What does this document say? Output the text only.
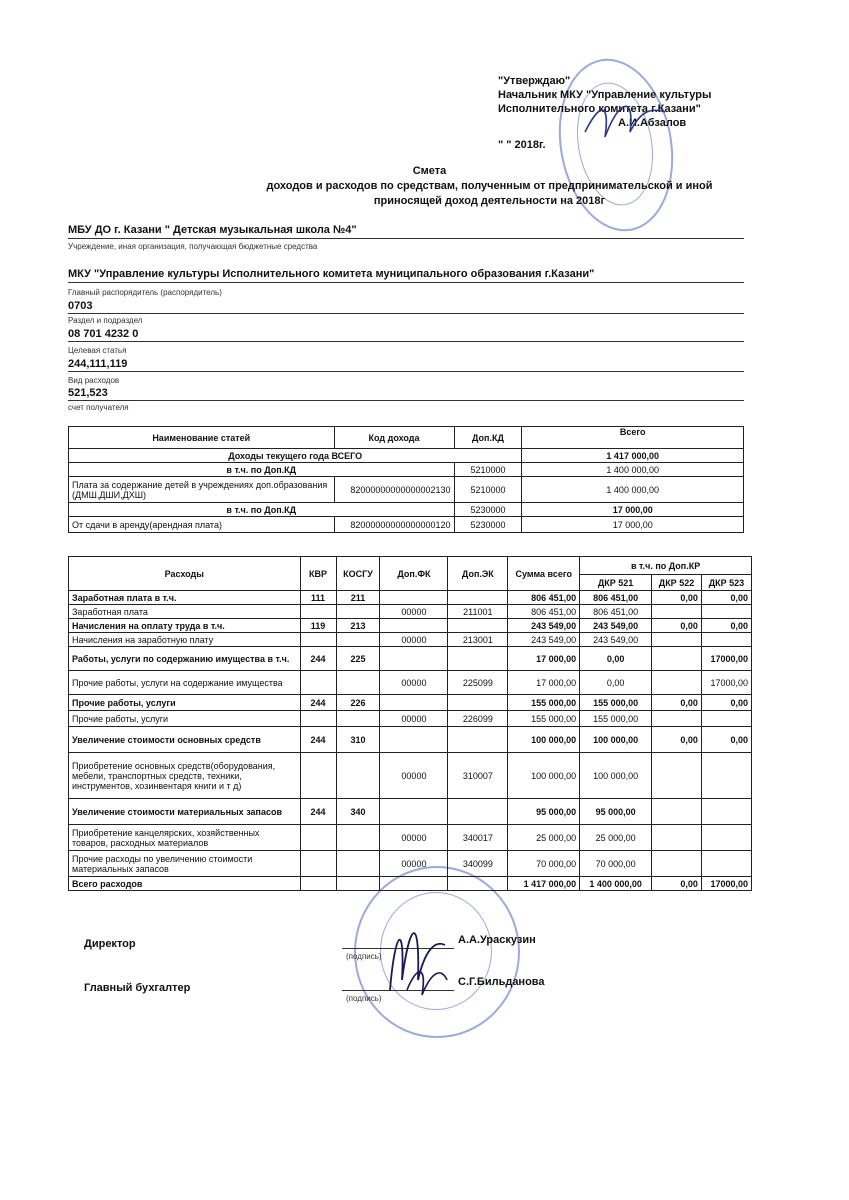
"Утверждаю"
Начальник МКУ "Управление культуры
Исполнительного комитета г.Казани"
А.И.Абзалов
" " 2018г.
Смета
доходов и расходов по средствам, полученным от предпринимательской и иной
приносящей доход деятельности на 2018г
МБУ ДО г. Казани " Детская музыкальная школа №4"
Учреждение, иная организация, получающая бюджетные средства
МКУ "Управление культуры Исполнительного комитета муниципального образования г.Казани"
Главный распорядитель (распорядитель)
0703
Раздел и подраздел
08 701 4232 0
Целевая статья
244,111,119
Вид расходов
521,523
счет получателя
Наименование статей	Код дохода	Доп.КД	Всего
Доходы текущего года ВСЕГО			1 417 000,00
в т.ч. по Доп.КД		5210000	1 400 000,00
Плата за содержание детей в учреждениях доп.образования (ДМШ,ДШИ,ДХШ)	82000000000000002130	5210000	1 400 000,00
в т.ч. по Доп.КД		5230000	17 000,00
От сдачи в аренду(арендная плата)	82000000000000000120	5230000	17 000,00
Расходы	КВР	КОСГУ	Доп.ФК	Доп.ЭК	Сумма всего	в т.ч. по Доп.КР		
						ДКР 521	ДКР 522	ДКР 523
Заработная плата в т.ч.	111	211			806 451,00	806 451,00	0,00	0,00
Заработная плата			00000	211001	806 451,00	806 451,00		
Начисления на оплату труда в т.ч.	119	213			243 549,00	243 549,00	0,00	0,00
Начисления на заработную плату			00000	213001	243 549,00	243 549,00		
Работы, услуги по содержанию имущества в т.ч.	244	225			17 000,00	0,00		17000,00
Прочие работы, услуги на содержание имущества			00000	225099	17 000,00	0,00		17000,00
Прочие работы, услуги	244	226			155 000,00	155 000,00	0,00	0,00
Прочие работы, услуги			00000	226099	155 000,00	155 000,00		
Увеличение стоимости основных средств	244	310			100 000,00	100 000,00	0,00	0,00
Приобретение основных средств(оборудования, мебели, транспортных средств, техники, инструментов, хозинвентаря книги и т д)			00000	310007	100 000,00	100 000,00		
Увеличение стоимости материальных запасов	244	340			95 000,00	95 000,00		
Приобретение канцелярских, хозяйственных товаров, расходных материалов			00000	340017	25 000,00	25 000,00		
Прочие расходы по увеличению стоимости материальных запасов			00000	340099	70 000,00	70 000,00		
Всего расходов					1 417 000,00	1 400 000,00	0,00	17000,00
Директор
(подпись)
А.А.Ураскузин
Главный бухгалтер
(подпись)
С.Г.Бильданова
